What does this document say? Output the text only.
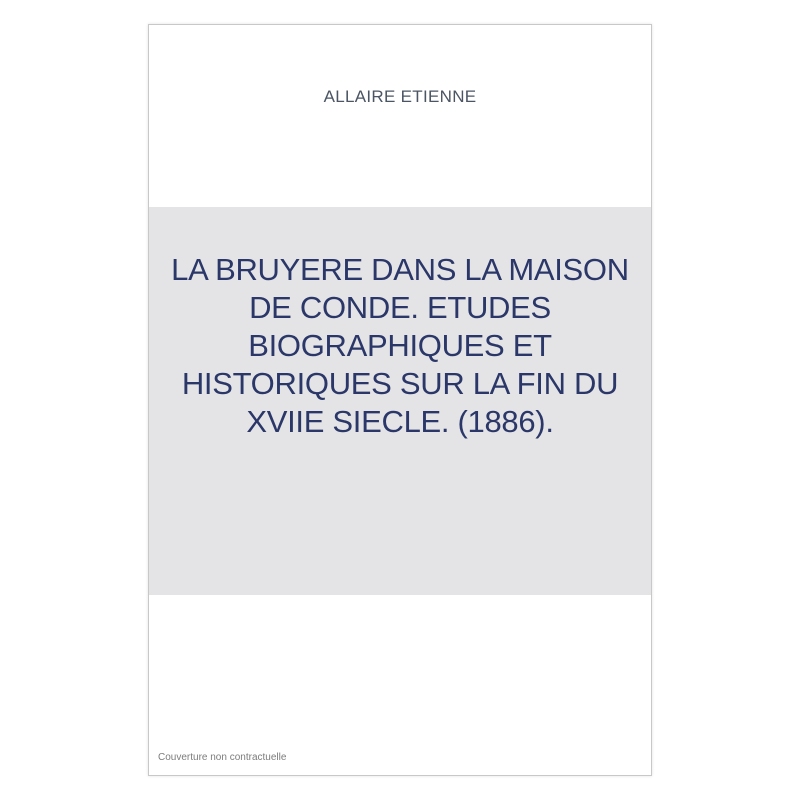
ALLAIRE ETIENNE
LA BRUYERE DANS LA MAISON DE CONDE. ETUDES BIOGRAPHIQUES ET HISTORIQUES SUR LA FIN DU XVIIE SIECLE. (1886).
Couverture non contractuelle
